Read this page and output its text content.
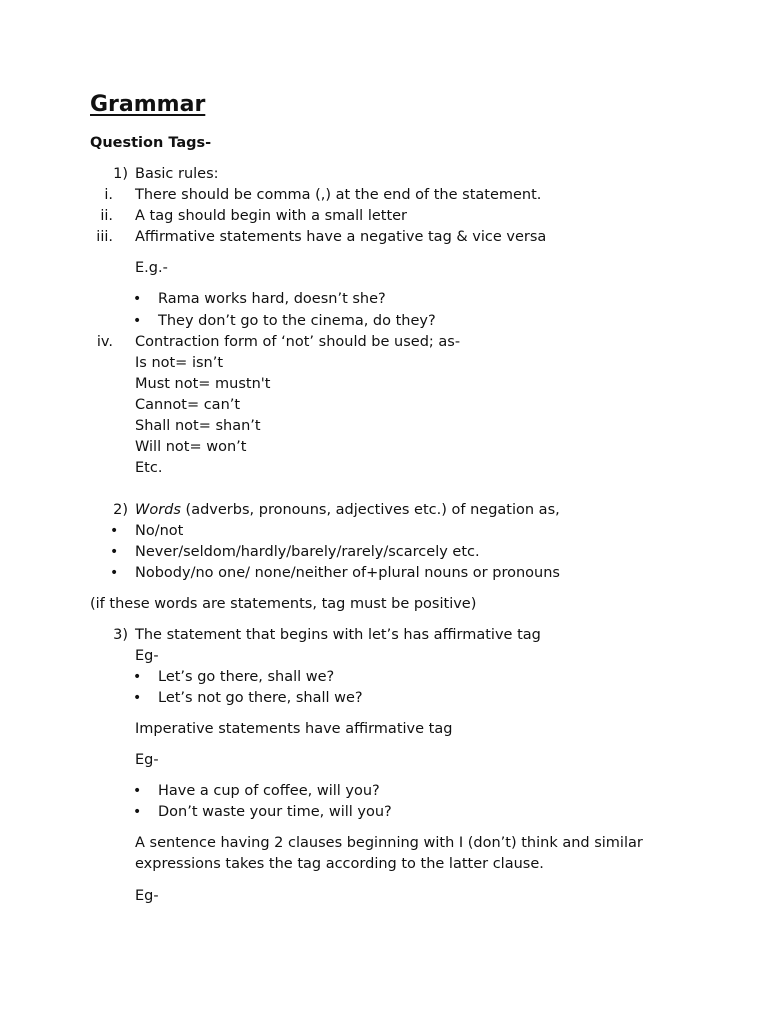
Grammar
Question Tags-
1) Basic rules:
i. There should be comma (,) at the end of the statement.
ii. A tag should begin with a small letter
iii. Affirmative statements have a negative tag & vice versa
E.g.-
• Rama works hard, doesn’t she?
• They don’t go to the cinema, do they?
iv. Contraction form of ‘not’ should be used; as-
Is not= isn’t
Must not= mustn't
Cannot= can’t
Shall not= shan’t
Will not= won’t
Etc.
2) Words (adverbs, pronouns, adjectives etc.) of negation as,
• No/not
• Never/seldom/hardly/barely/rarely/scarcely etc.
• Nobody/no one/ none/neither of+plural nouns or pronouns
(if these words are statements, tag must be positive)
3) The statement that begins with let’s has affirmative tag
Eg-
• Let’s go there, shall we?
• Let’s not go there, shall we?
Imperative statements have affirmative tag
Eg-
• Have a cup of coffee, will you?
• Don’t waste your time, will you?
A sentence having 2 clauses beginning with I (don’t) think and similar
expressions takes the tag according to the latter clause.
Eg-
